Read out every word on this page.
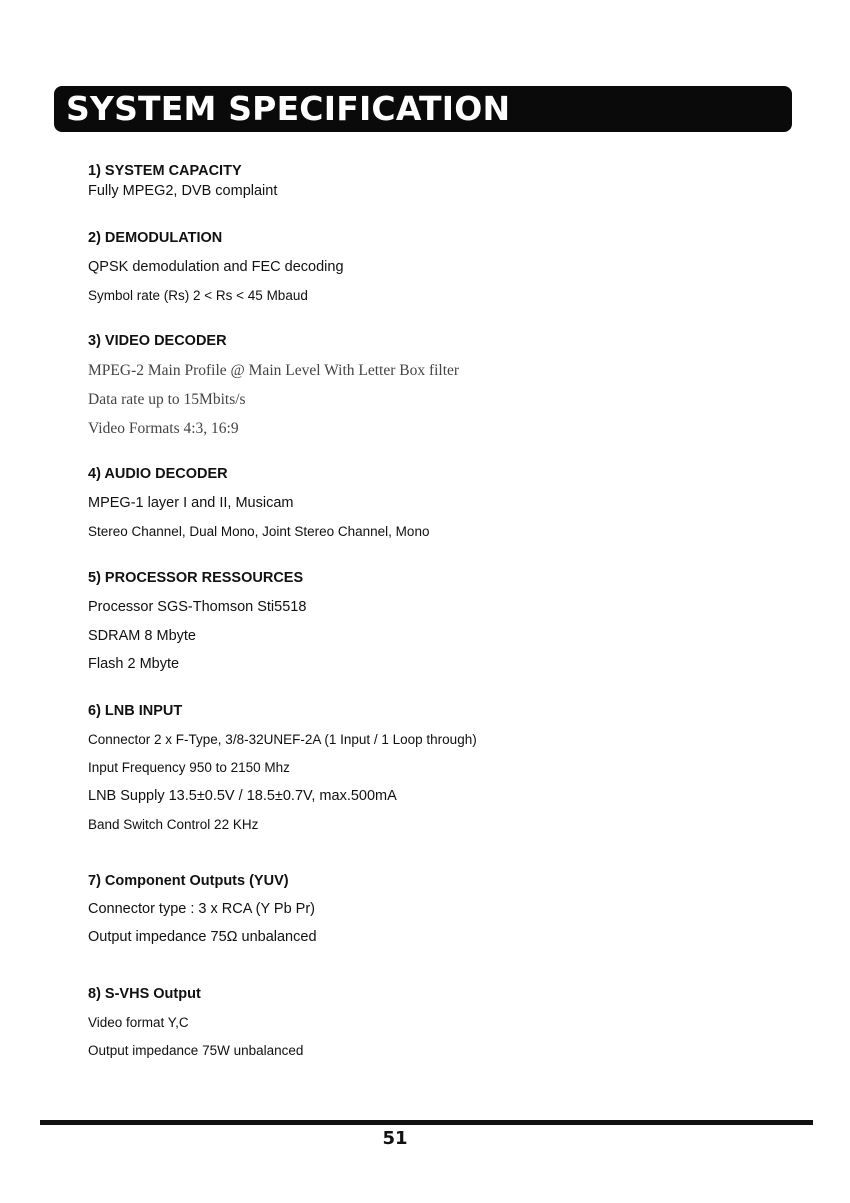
SYSTEM SPECIFICATION
1) SYSTEM CAPACITY
Fully MPEG2, DVB complaint
2) DEMODULATION
QPSK demodulation and FEC decoding
Symbol rate (Rs) 2 < Rs < 45 Mbaud
3) VIDEO DECODER
MPEG-2 Main Profile @ Main Level With Letter Box filter
Data rate up to 15Mbits/s
Video Formats 4:3, 16:9
4) AUDIO DECODER
MPEG-1 layer I and II, Musicam
Stereo Channel, Dual Mono, Joint Stereo Channel, Mono
5) PROCESSOR RESSOURCES
Processor SGS-Thomson Sti5518
SDRAM 8 Mbyte
Flash 2 Mbyte
6) LNB INPUT
Connector 2 x F-Type, 3/8-32UNEF-2A (1 Input / 1 Loop through)
Input Frequency 950 to 2150 Mhz
LNB Supply 13.5±0.5V / 18.5±0.7V, max.500mA
Band Switch Control 22 KHz
7) Component Outputs (YUV)
Connector type : 3 x RCA (Y Pb Pr)
Output impedance 75Ω unbalanced
8) S-VHS Output
Video format Y,C
Output impedance 75W unbalanced
51
